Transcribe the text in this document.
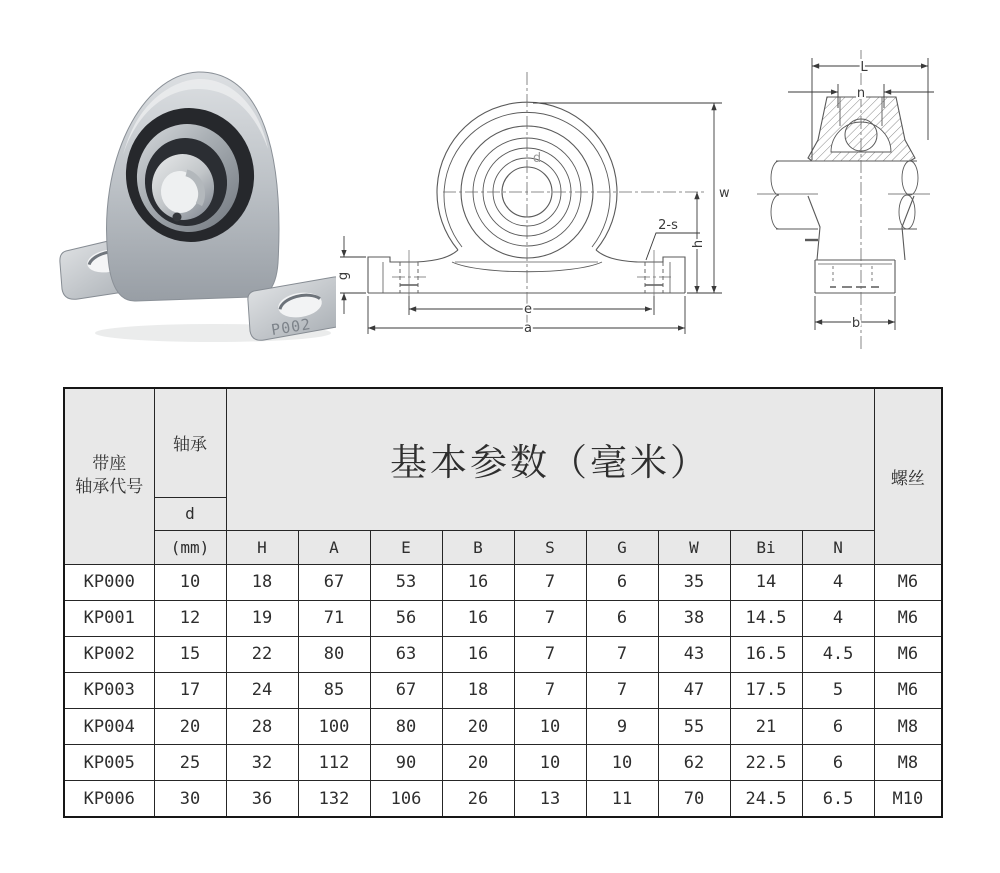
P002
w
h
g
e
a
2-s
d
L
n
b
带座
轴承代号	轴承	基本参数（毫米）									螺丝
	d										
	(mm)	H	A	E	B	S	G	W	Bi	N	
KP000	10	18	67	53	16	7	6	35	14	4	M6
KP001	12	19	71	56	16	7	6	38	14.5	4	M6
KP002	15	22	80	63	16	7	7	43	16.5	4.5	M6
KP003	17	24	85	67	18	7	7	47	17.5	5	M6
KP004	20	28	100	80	20	10	9	55	21	6	M8
KP005	25	32	112	90	20	10	10	62	22.5	6	M8
KP006	30	36	132	106	26	13	11	70	24.5	6.5	M10
